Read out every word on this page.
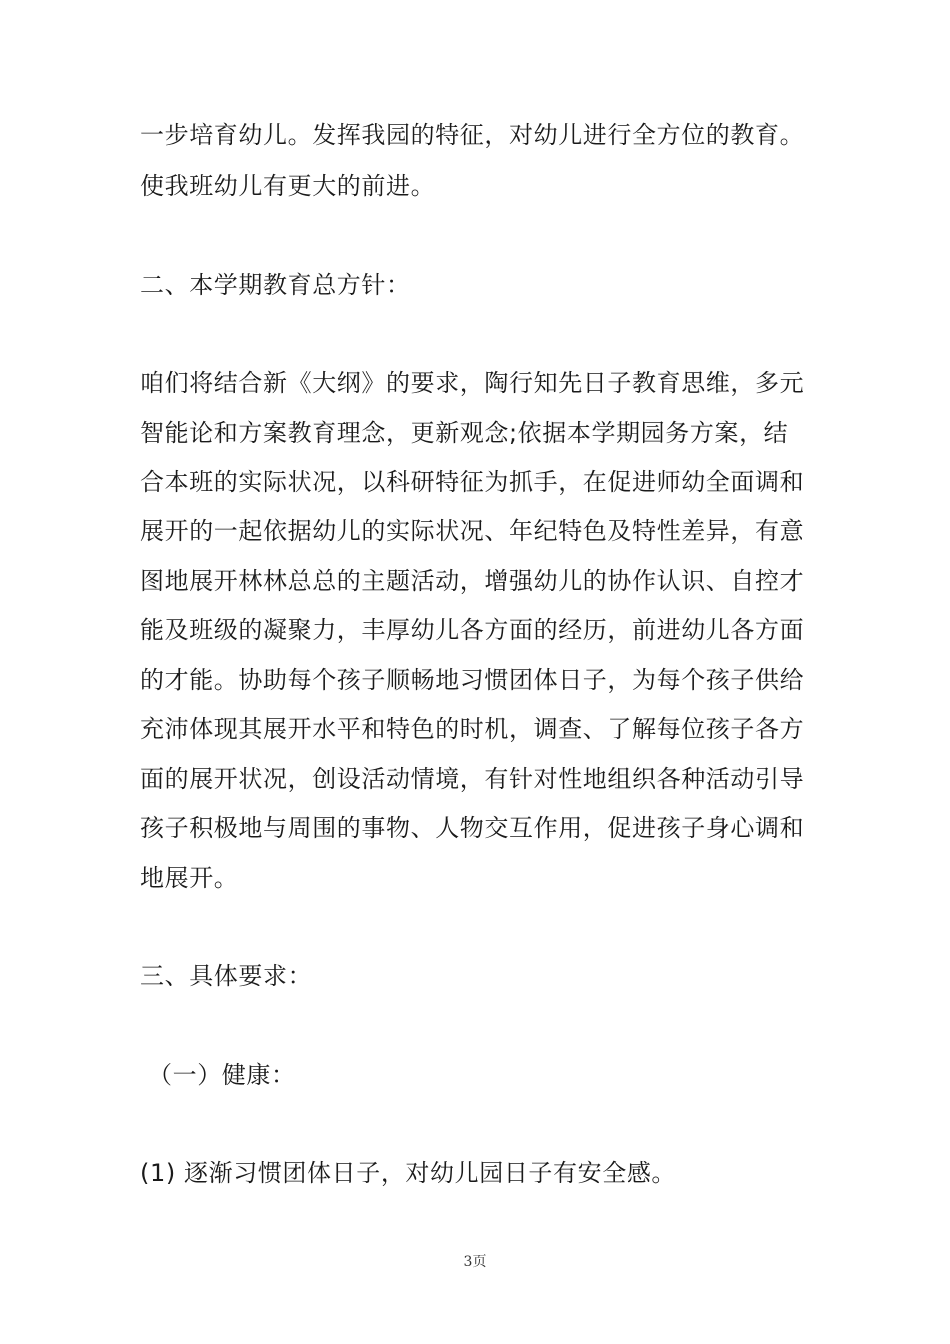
一步培育幼儿。发挥我园的特征，对幼儿进行全方位的教育。
使我班幼儿有更大的前进。
二、本学期教育总方针：
咱们将结合新《大纲》的要求，陶行知先日子教育思维，多元
智能论和方案教育理念，更新观念;依据本学期园务方案，结
合本班的实际状况，以科研特征为抓手，在促进师幼全面调和
展开的一起依据幼儿的实际状况、年纪特色及特性差异，有意
图地展开林林总总的主题活动，增强幼儿的协作认识、自控才
能及班级的凝聚力，丰厚幼儿各方面的经历，前进幼儿各方面
的才能。协助每个孩子顺畅地习惯团体日子，为每个孩子供给
充沛体现其展开水平和特色的时机，调查、了解每位孩子各方
面的展开状况，创设活动情境，有针对性地组织各种活动引导
孩子积极地与周围的事物、人物交互作用，促进孩子身心调和
地展开。
三、具体要求：
（一）健康：
(1) 逐渐习惯团体日子，对幼儿园日子有安全感。
3页
